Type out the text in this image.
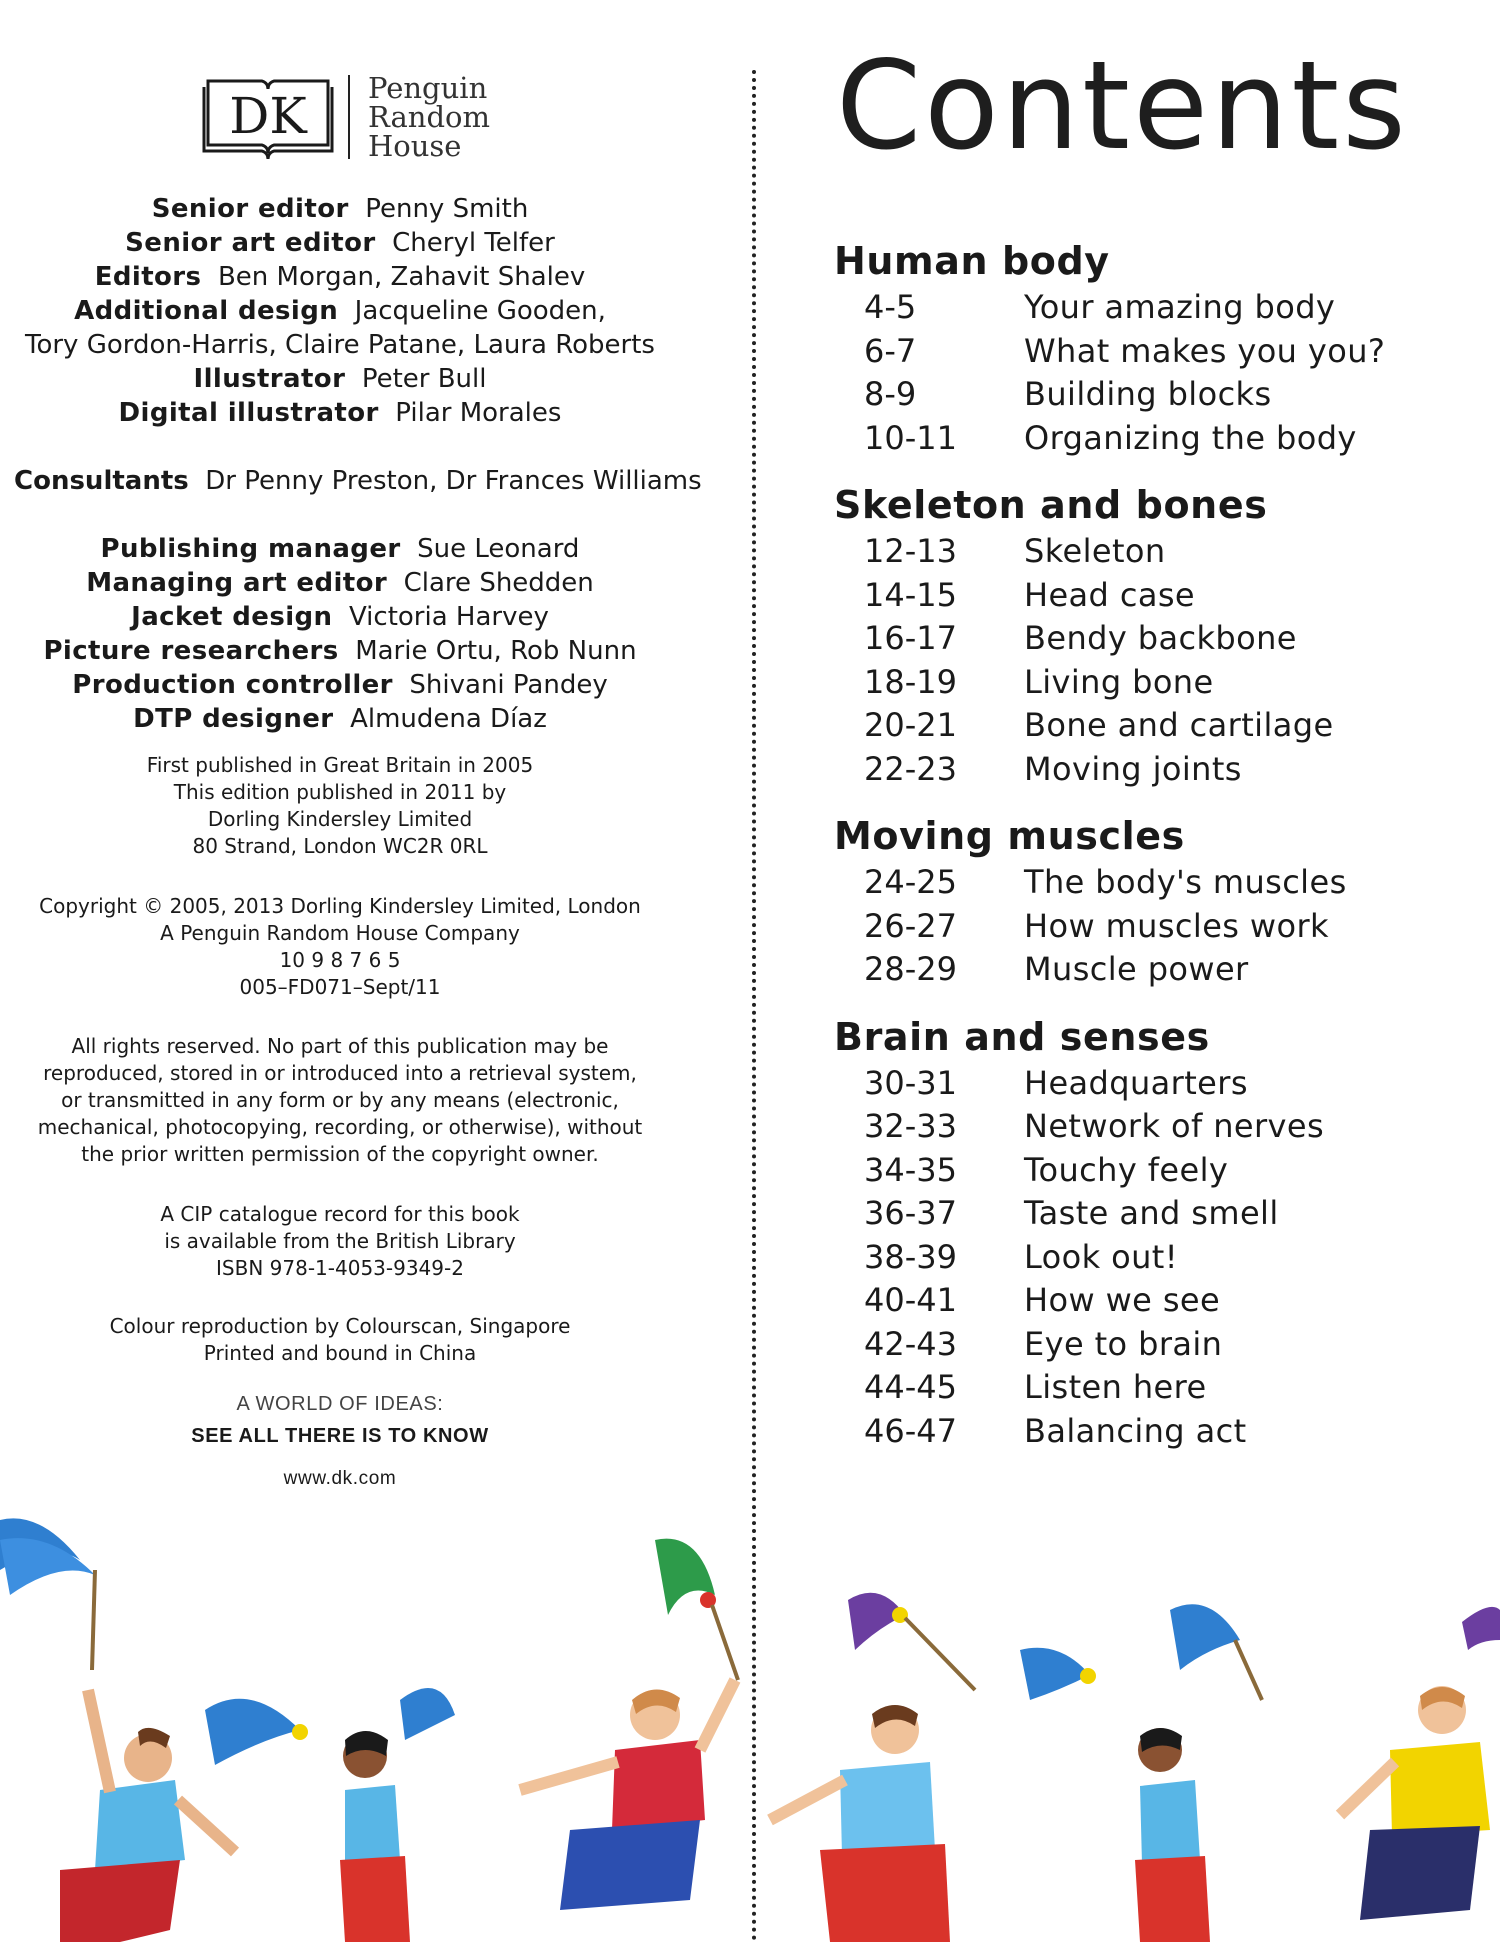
DK Penguin
Random
House
Senior editor Penny Smith
Senior art editor Cheryl Telfer
Editors Ben Morgan, Zahavit Shalev
Additional design Jacqueline Gooden,
Tory Gordon-Harris, Claire Patane, Laura Roberts
Illustrator Peter Bull
Digital illustrator Pilar Morales
Consultants Dr Penny Preston, Dr Frances Williams
Publishing manager Sue Leonard
Managing art editor Clare Shedden
Jacket design Victoria Harvey
Picture researchers Marie Ortu, Rob Nunn
Production controller Shivani Pandey
DTP designer Almudena Díaz
First published in Great Britain in 2005
This edition published in 2011 by
Dorling Kindersley Limited
80 Strand, London WC2R 0RL
Copyright © 2005, 2013 Dorling Kindersley Limited, London
A Penguin Random House Company
10 9 8 7 6 5
005–FD071–Sept/11
All rights reserved. No part of this publication may be
reproduced, stored in or introduced into a retrieval system,
or transmitted in any form or by any means (electronic,
mechanical, photocopying, recording, or otherwise), without
the prior written permission of the copyright owner.
A CIP catalogue record for this book
is available from the British Library
ISBN 978-1-4053-9349-2
Colour reproduction by Colourscan, Singapore
Printed and bound in China
A WORLD OF IDEAS:
SEE ALL THERE IS TO KNOW
www.dk.com
Contents
Human body
4-5	Your amazing body
6-7	What makes you you?
8-9	Building blocks
10-11	Organizing the body
Skeleton and bones
12-13	Skeleton
14-15	Head case
16-17	Bendy backbone
18-19	Living bone
20-21	Bone and cartilage
22-23	Moving joints
Moving muscles
24-25	The body's muscles
26-27	How muscles work
28-29	Muscle power
Brain and senses
30-31	Headquarters
32-33	Network of nerves
34-35	Touchy feely
36-37	Taste and smell
38-39	Look out!
40-41	How we see
42-43	Eye to brain
44-45	Listen here
46-47	Balancing act
